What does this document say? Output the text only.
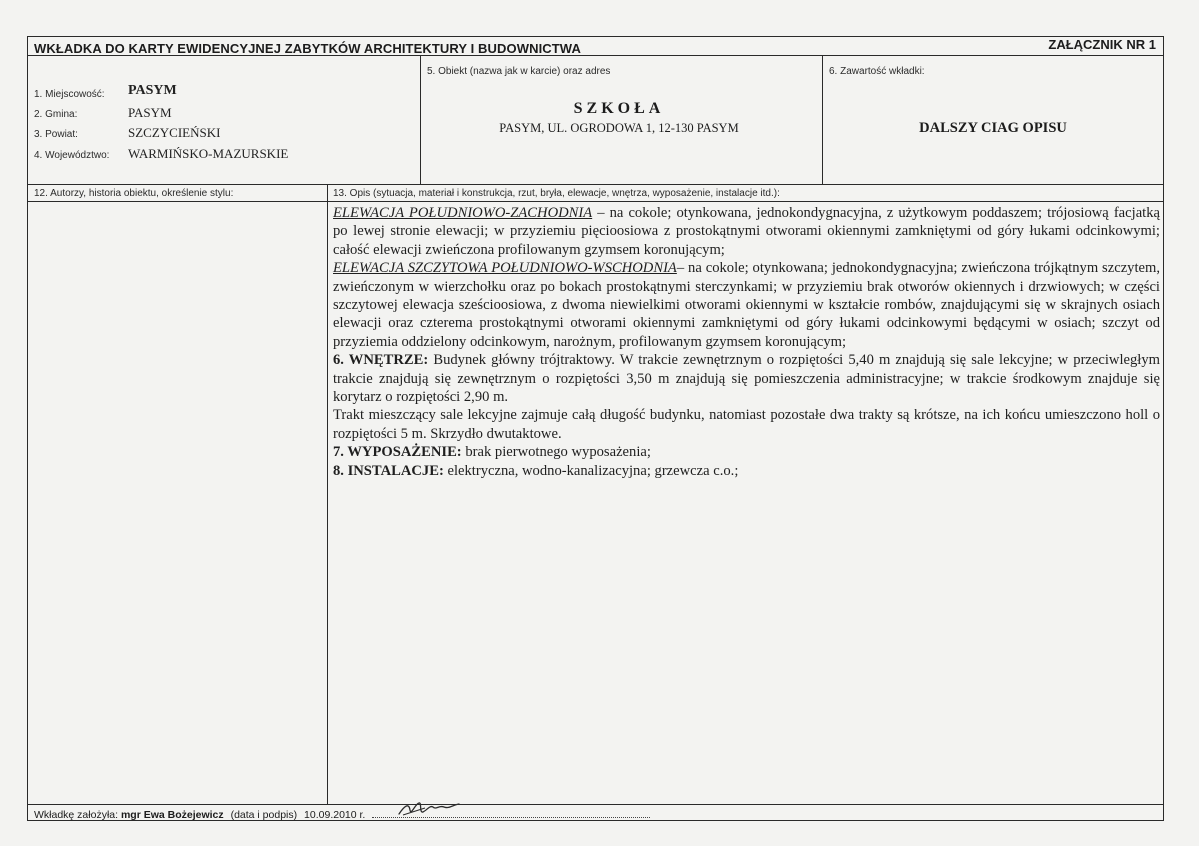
WKŁADKA DO KARTY EWIDENCYJNEJ ZABYTKÓW ARCHITEKTURY I BUDOWNICTWA	ZAŁĄCZNIK NR 1
1. Miejscowość: PASYM
2. Gmina:	PASYM
3. Powiat:	SZCZYCIEŃSKI
4. Województwo: WARMIŃSKO-MAZURSKIE
5. Obiekt (nazwa jak w karcie) oraz adres
SZKOŁA
PASYM, UL. OGRODOWA 1, 12-130 PASYM
6. Zawartość wkładki:
DALSZY CIAG OPISU
12. Autorzy, historia obiektu, określenie stylu:	13. Opis (sytuacja, materiał i konstrukcja, rzut, bryła, elewacje, wnętrza, wyposażenie, instalacje itd.):

ELEWACJA POŁUDNIOWO-ZACHODNIA – na cokole; otynkowana, jednokondygnacyjna, z użytkowym poddaszem; trójosiową facjatką po lewej stronie elewacji; w przyziemiu pięcioosiowa z prostokątnymi otworami okiennymi zamkniętymi od góry łukami odcinkowymi; całość elewacji zwieńczona profilowanym gzymsem koronującym;

ELEWACJA SZCZYTOWA POŁUDNIOWO-WSCHODNIA– na cokole; otynkowana; jednokondygnacyjna; zwieńczona trójkątnym szczytem, zwieńczonym w wierzchołku oraz po bokach prostokątnymi sterczynkami; w przyziemiu brak otworów okiennych i drzwiowych; w części szczytowej elewacja sześcioosiowa, z dwoma niewielkimi otworami okiennymi w kształcie rombów, znajdującymi się w skrajnych osiach elewacji oraz czterema prostokątnymi otworami okiennymi zamkniętymi od góry łukami odcinkowymi będącymi w osiach; szczyt od przyziemia oddzielony odcinkowym, narożnym, profilowanym gzymsem koronującym;

6. WNĘTRZE: Budynek główny trójtraktowy. W trakcie zewnętrznym o rozpiętości 5,40 m znajdują się sale lekcyjne; w przeciwległym trakcie znajdują się zewnętrznym o rozpiętości 3,50 m znajdują się pomieszczenia administracyjne; w trakcie środkowym znajduje się korytarz o rozpiętości 2,90 m.

Trakt mieszczący sale lekcyjne zajmuje całą długość budynku, natomiast pozostałe dwa trakty są krótsze, na ich końcu umieszczono holl o rozpiętości 5 m. Skrzydło dwutaktowe.

7. WYPOSAŻENIE: brak pierwotnego wyposażenia;

8. INSTALACJE: elektryczna, wodno-kanalizacyjna; grzewcza c.o.;

Wkładkę założyła: mgr Ewa Bożejewicz (data i podpis) 10.09.2010 r.
